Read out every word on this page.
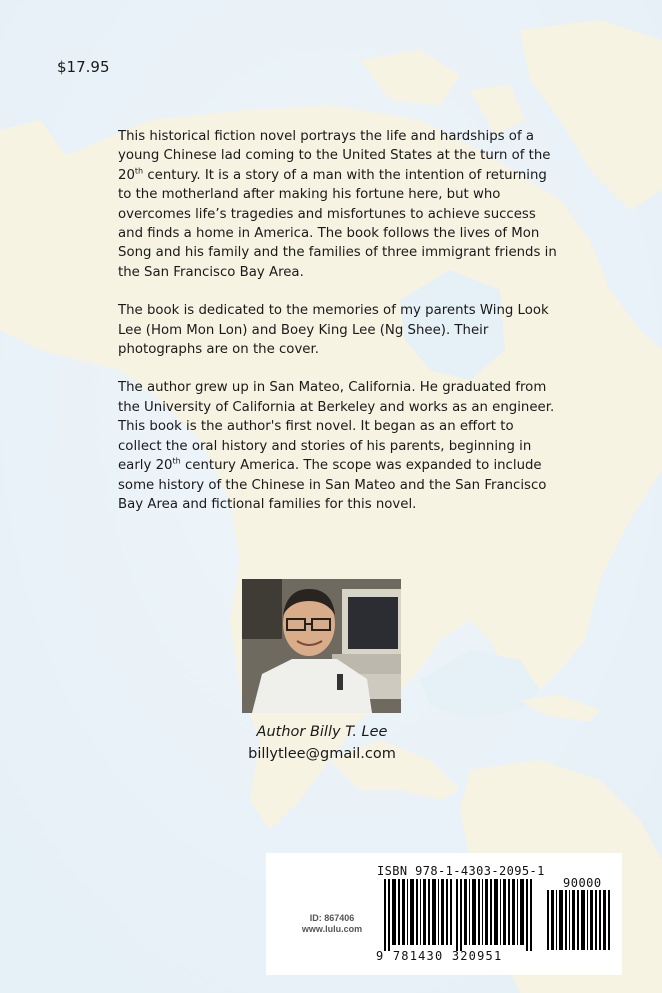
$17.95

This historical fiction novel portrays the life and hardships of a young Chinese lad coming to the United States at the turn of the 20th century. It is a story of a man with the intention of returning to the motherland after making his fortune here, but who overcomes life’s tragedies and misfortunes to achieve success and finds a home in America. The book follows the lives of Mon Song and his family and the families of three immigrant friends in the San Francisco Bay Area.

The book is dedicated to the memories of my parents Wing Look Lee (Hom Mon Lon) and Boey King Lee (Ng Shee). Their photographs are on the cover.

The author grew up in San Mateo, California. He graduated from the University of California at Berkeley and works as an engineer. This book is the author's first novel. It began as an effort to collect the oral history and stories of his parents, beginning in early 20th century America. The scope was expanded to include some history of the Chinese in San Mateo and the San Francisco Bay Area and fictional families for this novel.

Author Billy T. Lee
billytlee@gmail.com
ID: 867406
www.lulu.com
ISBN 978-1-4303-2095-1
90000
9 781430 320951
